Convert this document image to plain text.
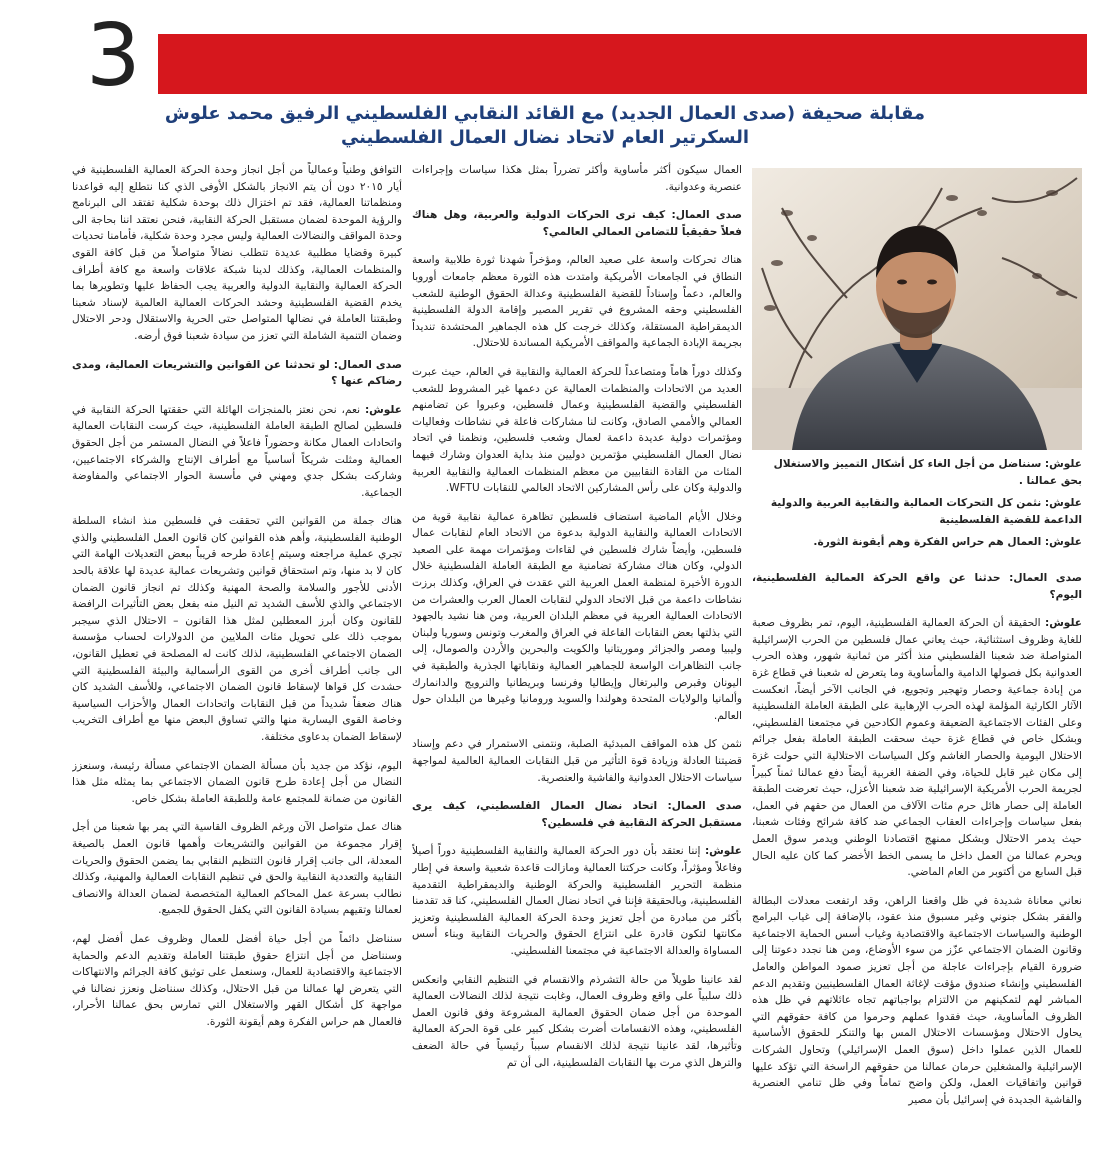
3
مقابلة صحيفة (صدى العمال الجديد) مع القائد النقابي الفلسطيني الرفيق محمد علوش
السكرتير العام لاتحاد نضال العمال الفلسطيني

علوش: سنناضل من أجل الغاء كل أشكال التمييز والاستغلال بحق عمالنا .

علوش: نثمن كل التحركات العمالية والنقابية العربية والدولية الداعمة للقضية الفلسطينية

علوش: العمال هم حراس الفكرة وهم أيقونة الثورة.

صدى العمال: حدثنا عن واقع الحركة العمالية الفلسطينية، اليوم؟

علوش: الحقيقة أن الحركة العمالية الفلسطينية، اليوم، تمر بظروف صعبة للغاية وظروف استثنائية، حيث يعاني عمال فلسطين من الحرب الإسرائيلية المتواصلة ضد شعبنا الفلسطيني منذ أكثر من ثمانية شهور، وهذه الحرب العدوانية بكل فصولها الدامية والمأساوية وما يتعرض له شعبنا في قطاع غزة من إبادة جماعية وحصار وتهجير وتجويع، في الجانب الآخر أيضاً، انعكست الآثار الكارثية المؤلمة لهذه الحرب الإرهابية على الطبقة العاملة الفلسطينية وعلى الفئات الاجتماعية الضعيفة وعموم الكادحين في مجتمعنا الفلسطيني، وبشكل خاص في قطاع غزة حيث سحقت الطبقة العاملة بفعل جرائم الاحتلال اليومية والحصار الغاشم وكل السياسات الاحتلالية التي حولت غزة إلى مكان غير قابل للحياة، وفي الضفة الغربية أيضاً دفع عمالنا ثمناً كبيراً لجريمة الحرب الأمريكية الإسرائيلية ضد شعبنا الأعزل، حيث تعرضت الطبقة العاملة إلى حصار هائل حرم مئات الآلاف من العمال من حقهم في العمل، بفعل سياسات وإجراءات العقاب الجماعي ضد كافة شرائح وفئات شعبنا، حيث يدمر الاحتلال وبشكل ممنهج اقتصادنا الوطني ويدمر سوق العمل ويحرم عمالنا من العمل داخل ما يسمى الخط الأخضر كما كان عليه الحال قبل السابع من أكتوبر من العام الماضي.

نعاني معاناة شديدة في ظل واقعنا الراهن، وقد ارتفعت معدلات البطالة والفقر بشكل جنوني وغير مسبوق منذ عقود، بالإضافة إلى غياب البرامج الوطنية والسياسات الاجتماعية والاقتصادية وغياب أسس الحماية الاجتماعية وقانون الضمان الاجتماعي عزّز من سوء الأوضاع، ومن هنا نجدد دعوتنا إلى ضرورة القيام بإجراءات عاجلة من أجل تعزيز صمود المواطن والعامل الفلسطيني وإنشاء صندوق مؤقت لإغاثة العمال الفلسطينيين وتقديم الدعم المباشر لهم لتمكينهم من الالتزام بواجباتهم تجاه عائلاتهم في ظل هذه الظروف المأساوية، حيث فقدوا عملهم وحرموا من كافة حقوقهم التي يحاول الاحتلال ومؤسسات الاحتلال المس بها والتنكر للحقوق الأساسية للعمال الذين عملوا داخل (سوق العمل الإسرائيلي) وتحاول الشركات الإسرائيلية والمشغلين حرمان عمالنا من حقوقهم الراسخة التي تؤكد عليها قوانين واتفاقيات العمل، ولكن واضح تماماً وفي ظل تنامي العنصرية والفاشية الجديدة في إسرائيل بأن مصير

العمال سيكون أكثر مأساوية وأكثر تضرراً بمثل هكذا سياسات وإجراءات عنصرية وعدوانية.

صدى العمال: كيف ترى الحركات الدولية والعربية، وهل هناك فعلاً حقيقياً للتضامن العمالي العالمي؟

هناك تحركات واسعة على صعيد العالم، ومؤخراً شهدنا ثورة طلابية واسعة النطاق في الجامعات الأمريكية وامتدت هذه الثورة معظم جامعات أوروبا والعالم، دعماً وإسناداً للقضية الفلسطينية وعدالة الحقوق الوطنية للشعب الفلسطيني وحقه المشروع في تقرير المصير وإقامة الدولة الفلسطينية الديمقراطية المستقلة، وكذلك خرجت كل هذه الجماهير المحتشدة تنديداً بجريمة الإبادة الجماعية والمواقف الأمريكية المساندة للاحتلال.

وكذلك دوراً هاماً ومتصاعداً للحركة العمالية والنقابية في العالم، حيث عبرت العديد من الاتحادات والمنظمات العمالية عن دعمها غير المشروط للشعب الفلسطيني والقضية الفلسطينية وعمال فلسطين، وعبروا عن تضامنهم العمالي والأممي الصادق، وكانت لنا مشاركات فاعلة في نشاطات وفعاليات ومؤتمرات دولية عديدة داعمة لعمال وشعب فلسطين، ونظمنا في اتحاد نضال العمال الفلسطيني مؤتمرين دوليين منذ بداية العدوان وشارك فيهما المئات من القادة النقابيين من معظم المنظمات العمالية والنقابية العربية والدولية وكان على رأس المشاركين الاتحاد العالمي للنقابات WFTU.

وخلال الأيام الماضية استضاف فلسطين تظاهرة عمالية نقابية قوية من الاتحادات العمالية والنقابية الدولية بدعوة من الاتحاد العام لنقابات عمال فلسطين، وأيضاً شارك فلسطين في لقاءات ومؤتمرات مهمة على الصعيد الدولي، وكان هناك مشاركة تضامنية مع الطبقة العاملة الفلسطينية خلال الدورة الأخيرة لمنظمة العمل العربية التي عقدت في العراق، وكذلك برزت نشاطات داعمة من قبل الاتحاد الدولي لنقابات العمال العرب والعشرات من الاتحادات العمالية العربية في معظم البلدان العربية، ومن هنا نشيد بالجهود التي بذلتها بعض النقابات الفاعلة في العراق والمغرب وتونس وسوريا ولبنان وليبيا ومصر والجزائر وموريتانيا والكويت والبحرين والأردن والصومال، إلى جانب التظاهرات الواسعة للجماهير العمالية ونقاباتها الجذرية والطبقية في اليونان وقبرص والبرتغال وإيطاليا وفرنسا وبريطانيا والنرويج والدانمارك وألمانيا والولايات المتحدة وهولندا والسويد ورومانيا وغيرها من البلدان حول العالم.

نثمن كل هذه المواقف المبدئية الصلبة، ونتمنى الاستمرار في دعم وإسناد قضيتنا العادلة وزيادة قوة التأثير من قبل النقابات العمالية العالمية لمواجهة سياسات الاحتلال العدوانية والفاشية والعنصرية.

صدى العمال: اتحاد نضال العمال الفلسطيني، كيف يرى مستقبل الحركة النقابية في فلسطين؟

علوش: إننا نعتقد بأن دور الحركة العمالية والنقابية الفلسطينية دوراً أصيلاً وفاعلاً ومؤثراً، وكانت حركتنا العمالية ومازالت قاعدة شعبية واسعة في إطار منظمة التحرير الفلسطينية والحركة الوطنية والديمقراطية التقدمية الفلسطينية، وبالحقيقة فإننا في اتحاد نضال العمال الفلسطيني، كنا قد تقدمنا بأكثر من مبادرة من أجل تعزيز وحدة الحركة العمالية الفلسطينية وتعزيز مكانتها لتكون قادرة على انتزاع الحقوق والحريات النقابية وبناء أسس المساواة والعدالة الاجتماعية في مجتمعنا الفلسطيني.

لقد عانينا طويلاً من حالة التشرذم والانقسام في التنظيم النقابي وانعكس ذلك سلبياً على واقع وظروف العمال، وغابت نتيجة لذلك النضالات العمالية الموحدة من أجل ضمان الحقوق العمالية المشروعة وفق قانون العمل الفلسطيني، وهذه الانقسامات أضرت بشكل كبير على قوة الحركة العمالية وتأثيرها، لقد عانينا نتيجة لذلك الانقسام سبباً رئيسياً في حالة الضعف والترهل الذي مرت بها النقابات الفلسطينية، الى أن تم

التوافق وطنياً وعمالياً من أجل انجاز وحدة الحركة العمالية الفلسطينية في أيار ٢٠١٥ دون أن يتم الانجاز بالشكل الأوفى الذي كنا نتطلع إليه قواعدنا ومنظماتنا العمالية، فقد تم اختزال ذلك بوحدة شكلية تفتقد الى البرنامج والرؤية الموحدة لضمان مستقبل الحركة النقابية، فنحن نعتقد اننا بحاجة الى وحدة المواقف والنضالات العمالية وليس مجرد وحدة شكلية، فأمامنا تحديات كبيرة وقضايا مطلبية عديدة تتطلب نضالاً متواصلاً من قبل كافة القوى والمنظمات العمالية، وكذلك لدينا شبكة علاقات واسعة مع كافة أطراف الحركة العمالية والنقابية الدولية والعربية يجب الحفاظ عليها وتطويرها بما يخدم القضية الفلسطينية وحشد الحركات العمالية العالمية لإسناد شعبنا وطبقتنا العاملة في نضالها المتواصل حتى الحرية والاستقلال ودحر الاحتلال وضمان التنمية الشاملة التي تعزز من سيادة شعبنا فوق أرضه.

صدى العمال: لو تحدثنا عن القوانين والتشريعات العمالية، ومدى رضاكم عنها ؟

علوش: نعم، نحن نعتز بالمنجزات الهائلة التي حققتها الحركة النقابية في فلسطين لصالح الطبقة العاملة الفلسطينية، حيث كرست النقابات العمالية واتحادات العمال مكانة وحضوراً فاعلاً في النضال المستمر من أجل الحقوق العمالية ومثلت شريكاً أساسياً مع أطراف الإنتاج والشركاء الاجتماعيين، وشاركت بشكل جدي ومهني في مأسسة الحوار الاجتماعي والمفاوضة الجماعية.

هناك جملة من القوانين التي تحققت في فلسطين منذ انشاء السلطة الوطنية الفلسطينية، وأهم هذه القوانين كان قانون العمل الفلسطيني والذي تجري عملية مراجعته وسيتم إعادة طرحه قريباً ببعض التعديلات الهامة التي كان لا بد منها، وتم استحقاق قوانين وتشريعات عمالية عديدة لها علاقة بالحد الأدنى للأجور والسلامة والصحة المهنية وكذلك تم انجاز قانون الضمان الاجتماعي والذي للأسف الشديد تم النيل منه بفعل بعض التأثيرات الرافضة للقانون وكان أبرز المعطلين لمثل هذا القانون – الاحتلال الذي سيجبر بموجب ذلك على تحويل مئات الملايين من الدولارات لحساب مؤسسة الضمان الاجتماعي الفلسطينية، لذلك كانت له المصلحة في تعطيل القانون، الى جانب أطراف أخرى من القوى الرأسمالية والبيئة الفلسطينية التي حشدت كل قواها لإسقاط قانون الضمان الاجتماعي، وللأسف الشديد كان هناك ضعفاً شديداً من قبل النقابات واتحادات العمال والأحزاب السياسية وخاصة القوى اليسارية منها والتي تساوق البعض منها مع أطراف التخريب لإسقاط الضمان بدعاوى مختلفة.

اليوم، نؤكد من جديد بأن مسألة الضمان الاجتماعي مسألة رئيسة، وسنعزز النضال من أجل إعادة طرح قانون الضمان الاجتماعي بما يمثله مثل هذا القانون من ضمانة للمجتمع عامة وللطبقة العاملة بشكل خاص.

هناك عمل متواصل الآن ورغم الظروف القاسية التي يمر بها شعبنا من أجل إقرار مجموعة من القوانين والتشريعات وأهمها قانون العمل بالصيغة المعدلة، الى جانب إقرار قانون التنظيم النقابي بما يضمن الحقوق والحريات النقابية والتعددية النقابية والحق في تنظيم النقابات العمالية والمهنية، وكذلك نطالب بسرعة عمل المحاكم العمالية المتخصصة لضمان العدالة والانصاف لعمالنا وتقيهم بسيادة القانون التي يكفل الحقوق للجميع.

سنناضل دائماً من أجل حياة أفضل للعمال وظروف عمل أفضل لهم، وسنناضل من أجل انتزاع حقوق طبقتنا العاملة وتقديم الدعم والحماية الاجتماعية والاقتصادية للعمال، وسنعمل على توثيق كافة الجرائم والانتهاكات التي يتعرض لها عمالنا من قبل الاحتلال، وكذلك سنناضل ونعزز نضالنا في مواجهة كل أشكال القهر والاستغلال التي تمارس بحق عمالنا الأحرار، فالعمال هم حراس الفكرة وهم أيقونة الثورة.
